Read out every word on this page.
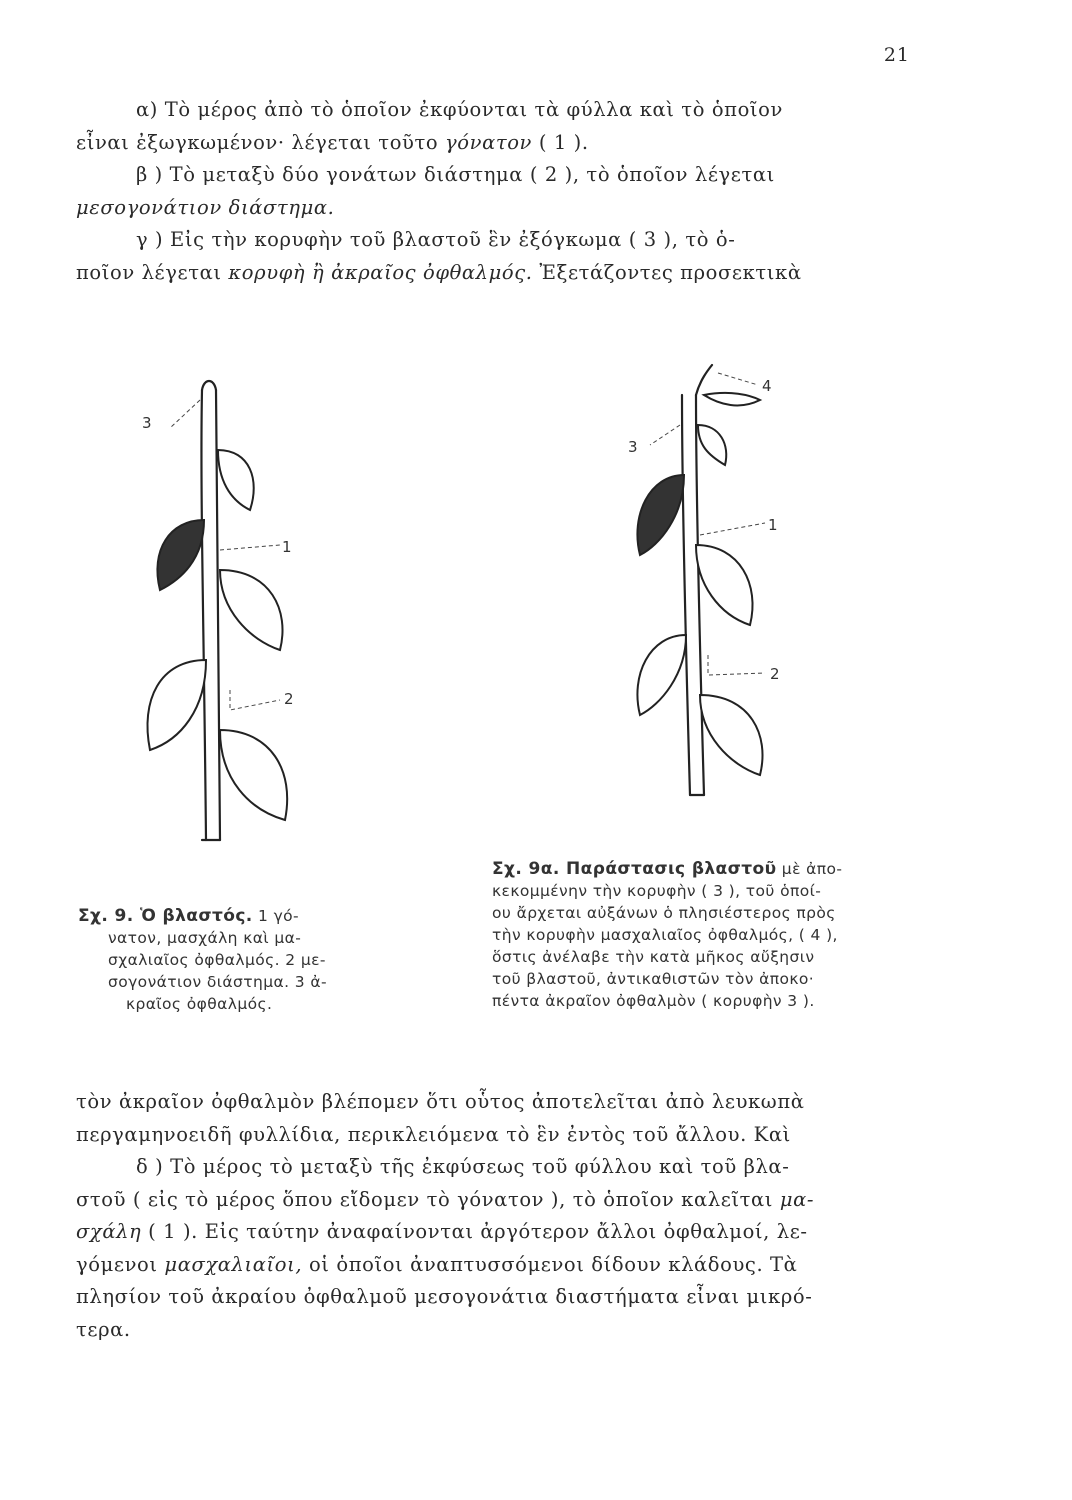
21
α) Τὸ μέρος ἀπὸ τὸ ὁποῖον ἐκφύονται τὰ φύλλα καὶ τὸ ὁποῖον
εἶναι ἐξωγκωμένον· λέγεται τοῦτο γόνατον ( 1 ).
β ) Τὸ μεταξὺ δύο γονάτων διάστημα ( 2 ), τὸ ὁποῖον λέγεται
μεσογονάτιον διάστημα.
γ ) Εἰς τὴν κορυφὴν τοῦ βλαστοῦ ἓν ἐξόγκωμα ( 3 ), τὸ ὁ-
ποῖον λέγεται κορυφὴ ἢ ἀκραῖος ὀφθαλμός. Ἐξετάζοντες προσεκτικὰ
3
1
2
4
3
1
2
Σχ. 9. Ὁ βλαστός. 1 γό-
νατον, μασχάλη καὶ μα-
σχαλιαῖος ὀφθαλμός. 2 με-
σογονάτιον διάστημα. 3 ἀ-
κραῖος ὀφθαλμός.
Σχ. 9α. Παράστασις βλαστοῦ μὲ ἀπο-
κεκομμένην τὴν κορυφὴν ( 3 ), τοῦ ὁποί-
ου ἄρχεται αὐξάνων ὁ πλησιέστερος πρὸς
τὴν κορυφὴν μασχαλιαῖος ὀφθαλμός, ( 4 ),
ὅστις ἀνέλαβε τὴν κατὰ μῆκος αὔξησιν
τοῦ βλαστοῦ, ἀντικαθιστῶν τὸν ἀποκο·
πέντα ἀκραῖον ὀφθαλμὸν ( κορυφὴν 3 ).
τὸν ἀκραῖον ὀφθαλμὸν βλέπομεν ὅτι οὗτος ἀποτελεῖται ἀπὸ λευκωπὰ
περγαμηνοειδῆ φυλλίδια, περικλειόμενα τὸ ἓν ἐντὸς τοῦ ἄλλου. Καὶ
δ ) Τὸ μέρος τὸ μεταξὺ τῆς ἐκφύσεως τοῦ φύλλου καὶ τοῦ βλα-
στοῦ ( εἰς τὸ μέρος ὅπου εἴδομεν τὸ γόνατον ), τὸ ὁποῖον καλεῖται μα-
σχάλη ( 1 ). Εἰς ταύτην ἀναφαίνονται ἀργότερον ἄλλοι ὀφθαλμοί, λε-
γόμενοι μασχαλιαῖοι, οἱ ὁποῖοι ἀναπτυσσόμενοι δίδουν κλάδους. Τὰ
πλησίον τοῦ ἀκραίου ὀφθαλμοῦ μεσογονάτια διαστήματα εἶναι μικρό-
τερα.
